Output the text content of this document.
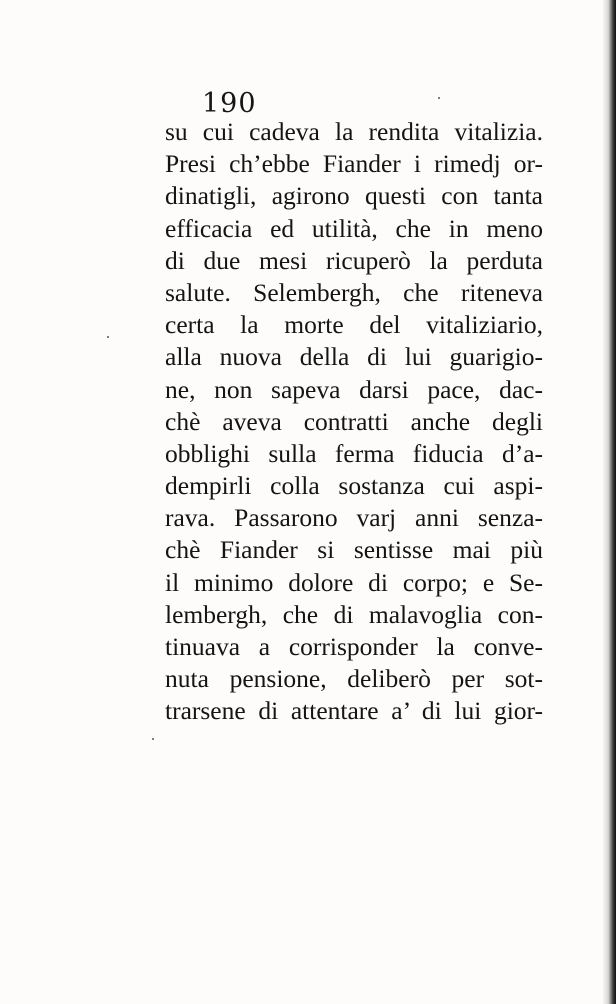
190
su cui cadeva la rendita vitalizia.
Presi ch’ebbe Fiander i rimedj or-
dinatigli, agirono questi con tanta
efficacia ed utilità, che in meno
di due mesi ricuperò la perduta
salute. Selembergh, che riteneva
certa la morte del vitaliziario,
alla nuova della di lui guarigio-
ne, non sapeva darsi pace, dac-
chè aveva contratti anche degli
obblighi sulla ferma fiducia d’a-
dempirli colla sostanza cui aspi-
rava. Passarono varj anni senza-
chè Fiander si sentisse mai più
il minimo dolore di corpo; e Se-
lembergh, che di malavoglia con-
tinuava a corrisponder la conve-
nuta pensione, deliberò per sot-
trarsene di attentare a’ di lui gior-
